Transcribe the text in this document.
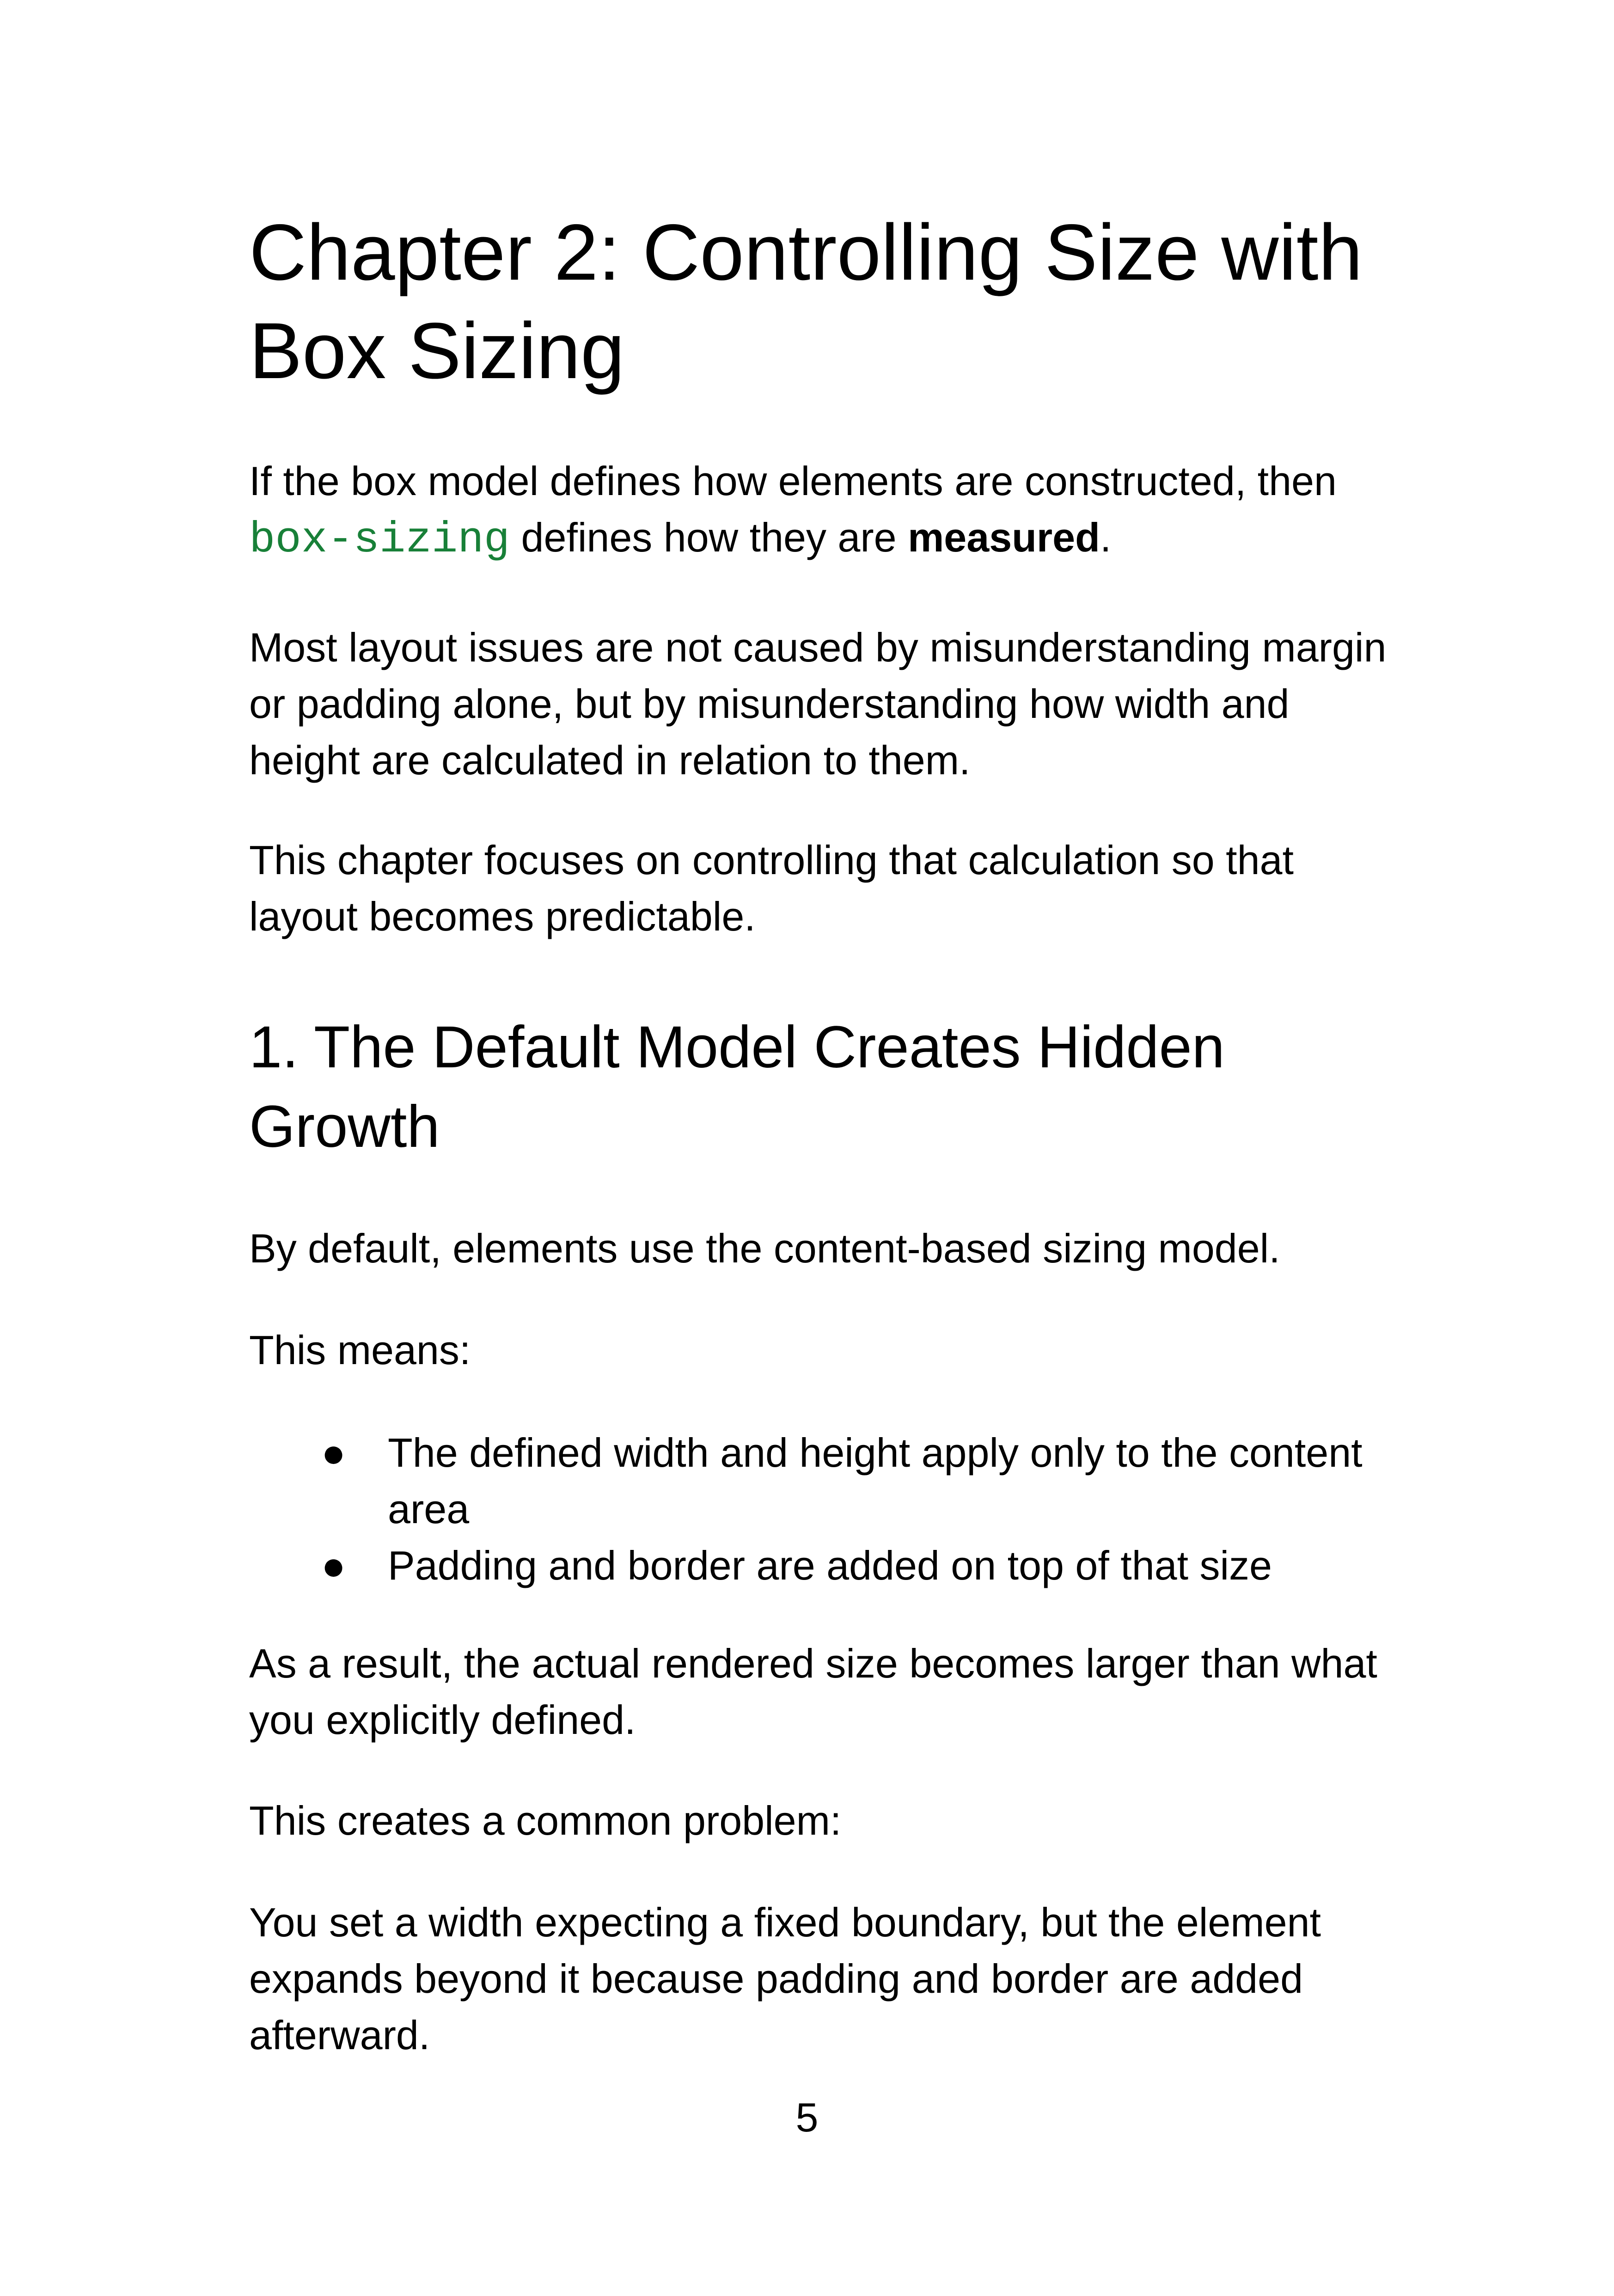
Chapter 2: Controlling Size with Box Sizing

If the box model defines how elements are constructed, then box-sizing defines how they are measured.

Most layout issues are not caused by misunderstanding margin or padding alone, but by misunderstanding how width and height are calculated in relation to them.

This chapter focuses on controlling that calculation so that layout becomes predictable.

1. The Default Model Creates Hidden Growth

By default, elements use the content-based sizing model.

This means:

● The defined width and height apply only to the content area
● Padding and border are added on top of that size

As a result, the actual rendered size becomes larger than what you explicitly defined.

This creates a common problem:

You set a width expecting a fixed boundary, but the element expands beyond it because padding and border are added afterward.

5
